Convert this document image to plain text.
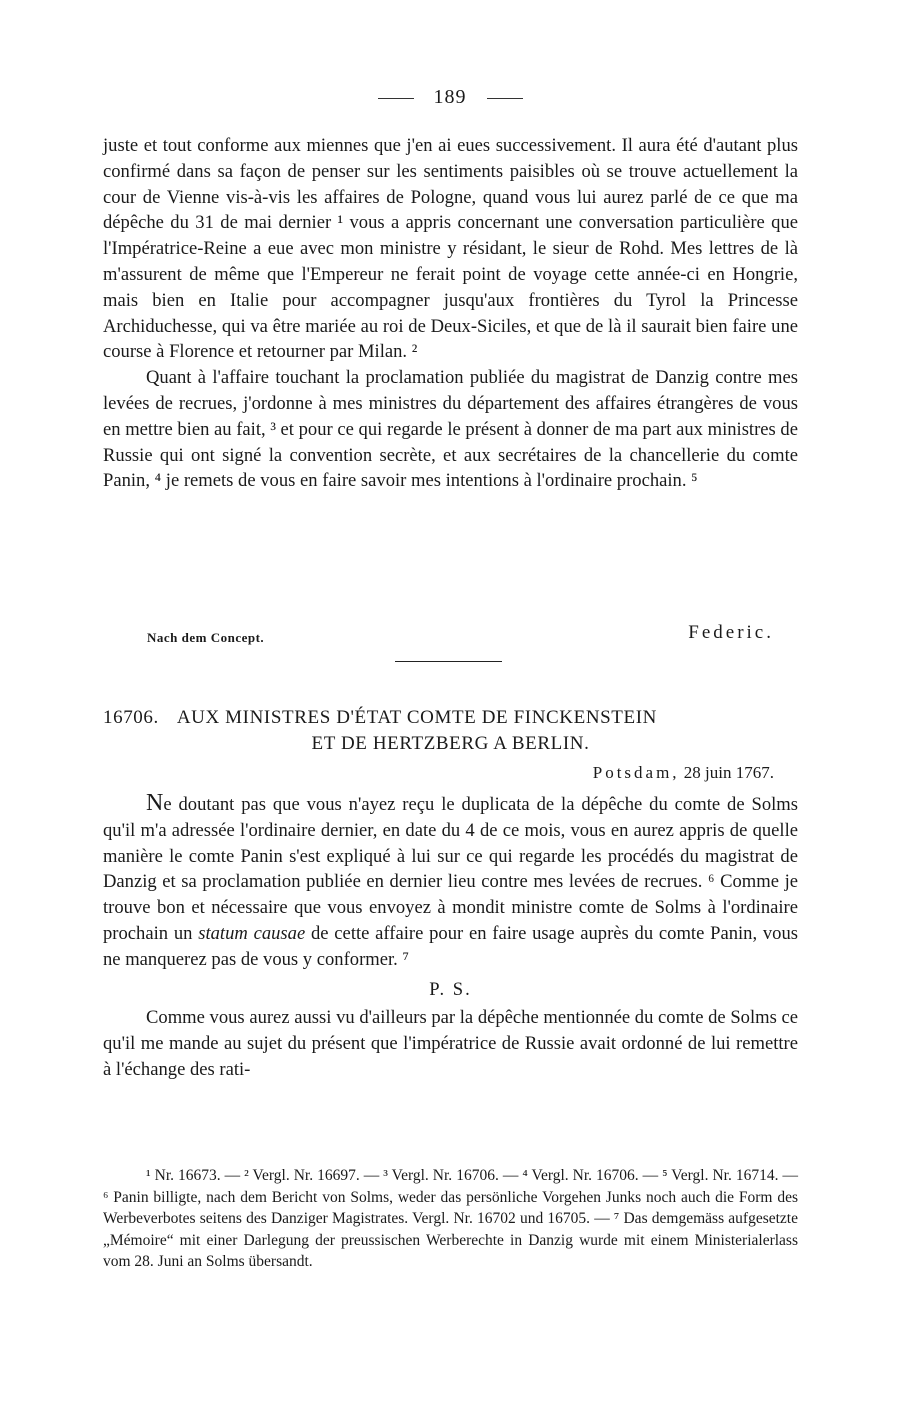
189

juste et tout conforme aux miennes que j'en ai eues successivement. Il aura été d'autant plus confirmé dans sa façon de penser sur les sentiments paisibles où se trouve actuellement la cour de Vienne vis-à-vis les affaires de Pologne, quand vous lui aurez parlé de ce que ma dépêche du 31 de mai dernier ¹ vous a appris concernant une conversation particulière que l'Impératrice-Reine a eue avec mon ministre y résidant, le sieur de Rohd. Mes lettres de là m'assurent de même que l'Empereur ne ferait point de voyage cette année-ci en Hongrie, mais bien en Italie pour accompagner jusqu'aux frontières du Tyrol la Princesse Archiduchesse, qui va être mariée au roi de Deux-Siciles, et que de là il saurait bien faire une course à Florence et retourner par Milan. ²

Quant à l'affaire touchant la proclamation publiée du magistrat de Danzig contre mes levées de recrues, j'ordonne à mes ministres du département des affaires étrangères de vous en mettre bien au fait, ³ et pour ce qui regarde le présent à donner de ma part aux ministres de Russie qui ont signé la convention secrète, et aux secrétaires de la chancellerie du comte Panin, ⁴ je remets de vous en faire savoir mes intentions à l'ordinaire prochain. ⁵

Nach dem Concept.	Federic.
16706. AUX MINISTRES D'ÉTAT COMTE DE FINCKENSTEIN
ET DE HERTZBERG A BERLIN.
Potsdam, 28 juin 1767.

Ne doutant pas que vous n'ayez reçu le duplicata de la dépêche du comte de Solms qu'il m'a adressée l'ordinaire dernier, en date du 4 de ce mois, vous en aurez appris de quelle manière le comte Panin s'est expliqué à lui sur ce qui regarde les procédés du magistrat de Danzig et sa proclamation publiée en dernier lieu contre mes levées de recrues. ⁶ Comme je trouve bon et nécessaire que vous envoyez à mondit ministre comte de Solms à l'ordinaire prochain un statum causae de cette affaire pour en faire usage auprès du comte Panin, vous ne manquerez pas de vous y conformer. ⁷

P. S.

Comme vous aurez aussi vu d'ailleurs par la dépêche mentionnée du comte de Solms ce qu'il me mande au sujet du présent que l'impératrice de Russie avait ordonné de lui remettre à l'échange des rati-

¹ Nr. 16673. — ² Vergl. Nr. 16697. — ³ Vergl. Nr. 16706. — ⁴ Vergl. Nr. 16706. — ⁵ Vergl. Nr. 16714. — ⁶ Panin billigte, nach dem Bericht von Solms, weder das persönliche Vorgehen Junks noch auch die Form des Werbeverbotes seitens des Danziger Magistrates. Vergl. Nr. 16702 und 16705. — ⁷ Das demgemäss aufgesetzte „Mémoire“ mit einer Darlegung der preussischen Werberechte in Danzig wurde mit einem Ministerialerlass vom 28. Juni an Solms übersandt.
